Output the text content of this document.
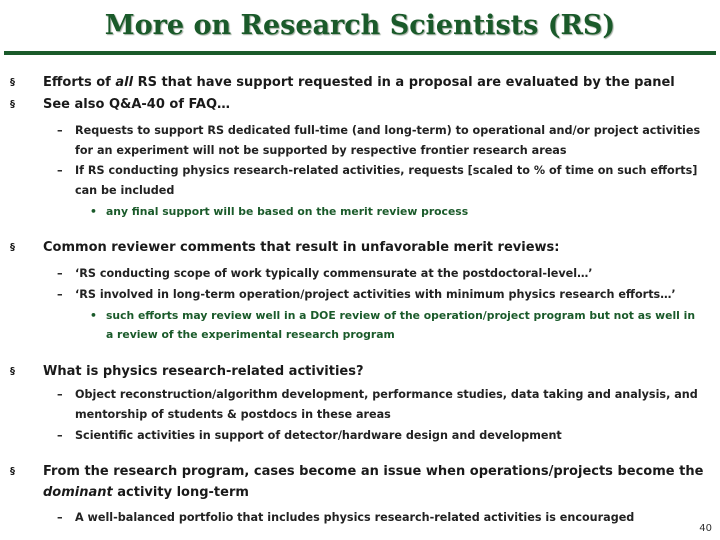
More on Research Scientists (RS)
§ Efforts of all RS that have support requested in a proposal are evaluated by the panel
§ See also Q&A-40 of FAQ…
– Requests to support RS dedicated full-time (and long-term) to operational and/or project activities for an experiment will not be supported by respective frontier research areas
– If RS conducting physics research-related activities, requests [scaled to % of time on such efforts] can be included
• any final support will be based on the merit review process
§ Common reviewer comments that result in unfavorable merit reviews:
– ‘RS conducting scope of work typically commensurate at the postdoctoral-level…’
– ‘RS involved in long-term operation/project activities with minimum physics research efforts…’
• such efforts may review well in a DOE review of the operation/project program but not as well in a review of the experimental research program
§ What is physics research-related activities?
– Object reconstruction/algorithm development, performance studies, data taking and analysis, and mentorship of students & postdocs in these areas
– Scientific activities in support of detector/hardware design and development
§ From the research program, cases become an issue when operations/projects become the dominant activity long-term
– A well-balanced portfolio that includes physics research-related activities is encouraged
40
